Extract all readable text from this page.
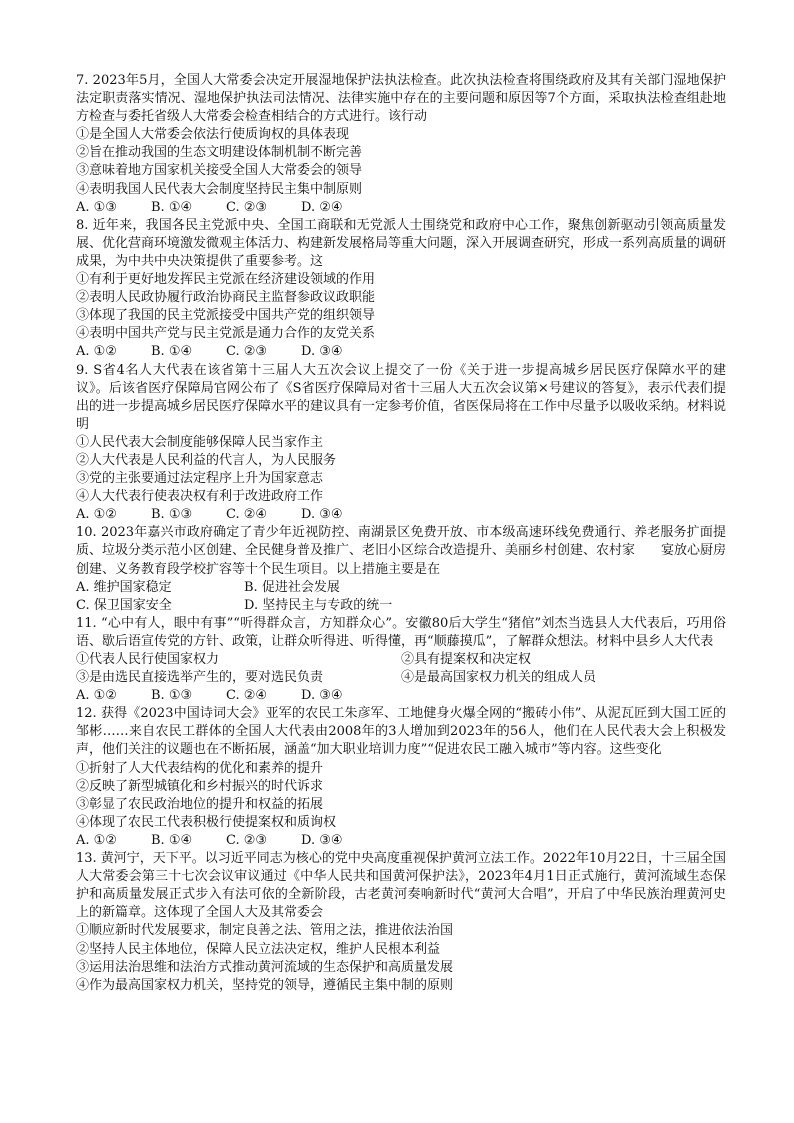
7. 2023年5月，全国人大常委会决定开展湿地保护法执法检查。此次执法检查将围绕政府及其有关部门湿地保护法定职责落实情况、湿地保护执法司法情况、法律实施中存在的主要问题和原因等7个方面，采取执法检查组赴地方检查与委托省级人大常委会检查相结合的方式进行。该行动

①是全国人大常委会依法行使质询权的具体表现

②旨在推动我国的生态文明建设体制机制不断完善

③意味着地方国家机关接受全国人大常委会的领导

④表明我国人民代表大会制度坚持民主集中制原则

A. ①③	B. ①④	C. ②③	D. ②④

8. 近年来，我国各民主党派中央、全国工商联和无党派人士围绕党和政府中心工作，聚焦创新驱动引领高质量发展、优化营商环境激发微观主体活力、构建新发展格局等重大问题，深入开展调查研究，形成一系列高质量的调研成果，为中共中央决策提供了重要参考。这

①有利于更好地发挥民主党派在经济建设领域的作用

②表明人民政协履行政治协商民主监督参政议政职能

③体现了我国的民主党派接受中国共产党的组织领导

④表明中国共产党与民主党派是通力合作的友党关系

A. ①②	B. ①④	C. ②③	D. ③④

9. S省4名人大代表在该省第十三届人大五次会议上提交了一份《关于进一步提高城乡居民医疗保障水平的建议》。后该省医疗保障局官网公布了《S省医疗保障局对省十三届人大五次会议第×号建议的答复》，表示代表们提出的进一步提高城乡居民医疗保障水平的建议具有一定参考价值，省医保局将在工作中尽量予以吸收采纳。材料说明

①人民代表大会制度能够保障人民当家作主

②人大代表是人民利益的代言人，为人民服务

③党的主张要通过法定程序上升为国家意志

④人大代表行使表决权有利于改进政府工作

A. ①②	B. ①③	C. ②④	D. ③④

10. 2023年嘉兴市政府确定了青少年近视防控、南湖景区免费开放、市本级高速环线免费通行、养老服务扩面提质、垃圾分类示范小区创建、全民健身普及推广、老旧小区综合改造提升、美丽乡村创建、农村家　　宴放心厨房创建、义务教育段学校扩容等十个民生项目。以上措施主要是在

A. 维护国家稳定	B. 促进社会发展
C. 保卫国家安全	D. 坚持民主与专政的统一

11. “心中有人，眼中有事”“听得群众言，方知群众心”。安徽80后大学生“猪倌”刘杰当选县人大代表后，巧用俗语、歇后语宣传党的方针、政策，让群众听得进、听得懂，再“顺藤摸瓜”，了解群众想法。材料中县乡人大代表

①代表人民行使国家权力	②具有提案权和决定权
③是由选民直接选举产生的，要对选民负责	④是最高国家权力机关的组成人员
A. ①②	B. ①③	C. ②④	D. ③④

12. 获得《2023中国诗词大会》亚军的农民工朱彦军、工地健身火爆全网的“搬砖小伟”、从泥瓦匠到大国工匠的邹彬……来自农民工群体的全国人大代表由2008年的3人增加到2023年的56人，他们在人民代表大会上积极发声，他们关注的议题也在不断拓展，涵盖“加大职业培训力度”“促进农民工融入城市”等内容。这些变化

①折射了人大代表结构的优化和素养的提升

②反映了新型城镇化和乡村振兴的时代诉求

③彰显了农民政治地位的提升和权益的拓展

④体现了农民工代表积极行使提案权和质询权

A. ①②	B. ①④	C. ②③	D. ③④

13. 黄河宁，天下平。以习近平同志为核心的党中央高度重视保护黄河立法工作。2022年10月22日，十三届全国人大常委会第三十七次会议审议通过《中华人民共和国黄河保护法》，2023年4月1日正式施行，黄河流域生态保护和高质量发展正式步入有法可依的全新阶段，古老黄河奏响新时代“黄河大合唱”，开启了中华民族治理黄河史上的新篇章。这体现了全国人大及其常委会

①顺应新时代发展要求，制定良善之法、管用之法，推进依法治国

②坚持人民主体地位，保障人民立法决定权，维护人民根本利益

③运用法治思维和法治方式推动黄河流域的生态保护和高质量发展

④作为最高国家权力机关，坚持党的领导，遵循民主集中制的原则
